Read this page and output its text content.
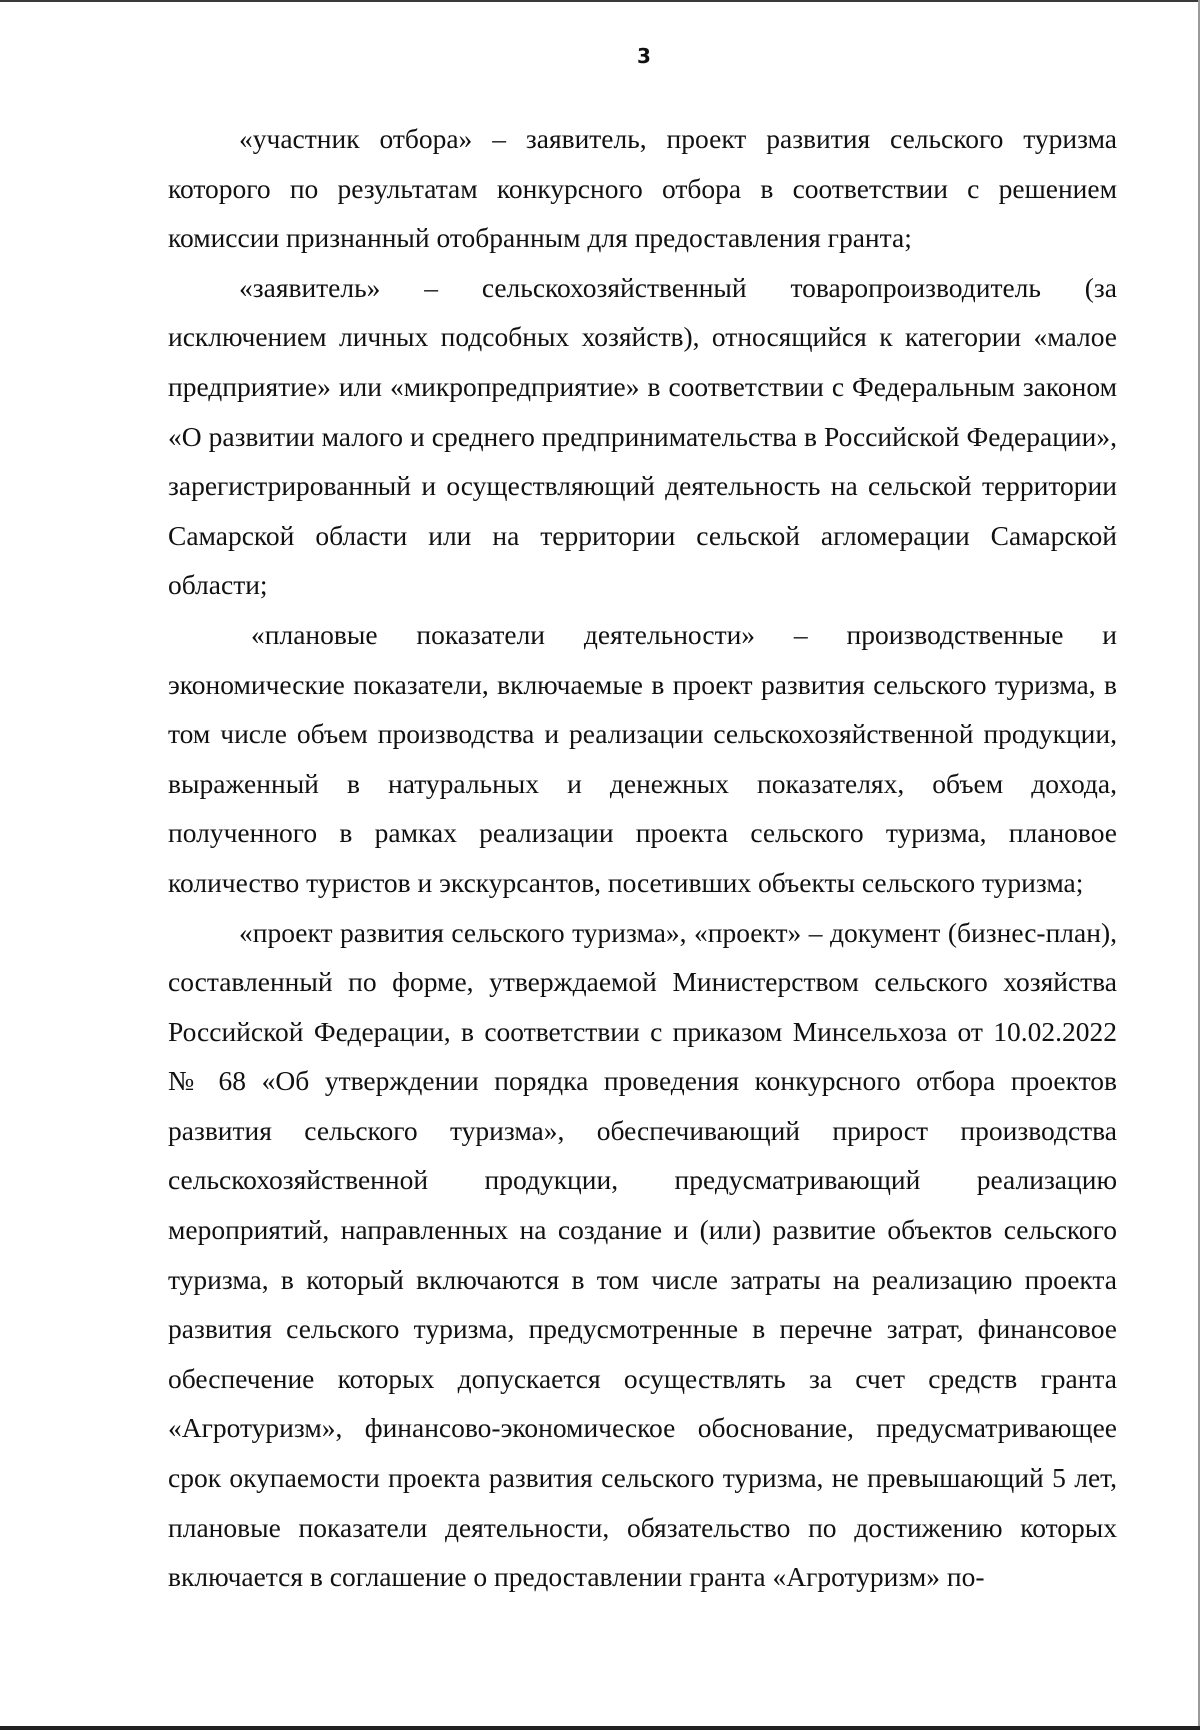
3

«участник отбора» – заявитель, проект развития сельского туризма которого по результатам конкурсного отбора в соответствии с решением комиссии признанный отобранным для предоставления гранта;

«заявитель» – сельскохозяйственный товаропроизводитель (за исключением личных подсобных хозяйств), относящийся к категории «малое предприятие» или «микропредприятие» в соответствии с Федеральным законом «О развитии малого и среднего предпринимательства в Российской Федерации», зарегистрированный и осуществляющий деятельность на сельской территории Самарской области или на территории сельской агломерации Самарской области;

«плановые показатели деятельности» – производственные и экономические показатели, включаемые в проект развития сельского туризма, в том числе объем производства и реализации сельскохозяйственной продукции, выраженный в натуральных и денежных показателях, объем дохода, полученного в рамках реализации проекта сельского туризма, плановое количество туристов и экскурсантов, посетивших объекты сельского туризма;

«проект развития сельского туризма», «проект» – документ (бизнес-план), составленный по форме, утверждаемой Министерством сельского хозяйства Российской Федерации, в соответствии с приказом Минсельхоза от 10.02.2022 № 68 «Об утверждении порядка проведения конкурсного отбора проектов развития сельского туризма», обеспечивающий прирост производства сельскохозяйственной продукции, предусматривающий реализацию мероприятий, направленных на создание и (или) развитие объектов сельского туризма, в который включаются в том числе затраты на реализацию проекта развития сельского туризма, предусмотренные в перечне затрат, финансовое обеспечение которых допускается осуществлять за счет средств гранта «Агротуризм», финансово-экономическое обоснование, предусматривающее срок окупаемости проекта развития сельского туризма, не превышающий 5 лет, плановые показатели деятельности, обязательство по достижению которых включается в соглашение о предоставлении гранта «Агротуризм» по-
